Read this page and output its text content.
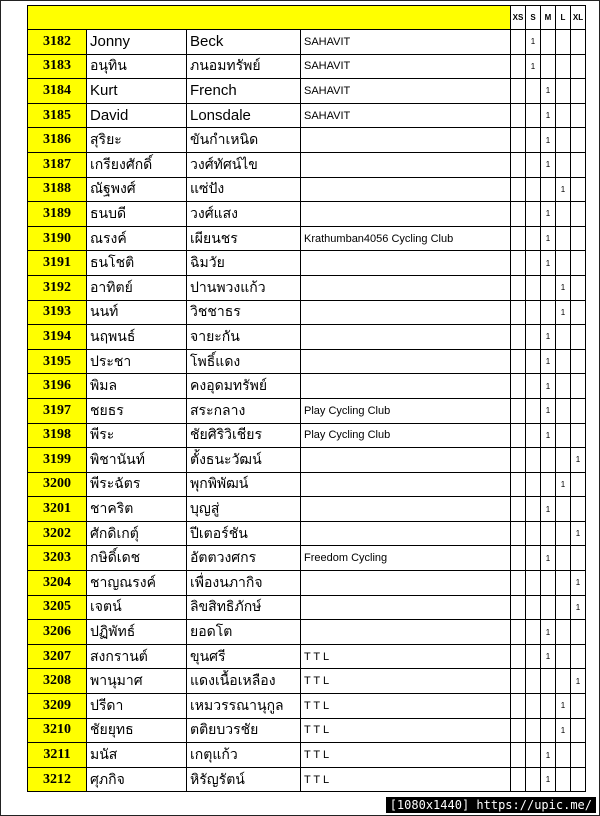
				XS	S	M	L	XL
3182	Jonny	Beck	SAHAVIT		1			
3183	อนุทิน	ภนอมทรัพย์	SAHAVIT		1			
3184	Kurt	French	SAHAVIT			1		
3185	David	Lonsdale	SAHAVIT			1		
3186	สุริยะ	ขันกำเหนิด				1		
3187	เกรียงศักดิ์	วงศ์ทัศน์ไข				1		
3188	ณัฐพงศ์	แซ่ปัง					1	
3189	ธนบดี	วงศ์แสง				1		
3190	ณรงค์	เผียนชร	Krathumban4056 Cycling Club			1		
3191	ธนโชติ	ฉิมวัย				1		
3192	อาทิตย์	ปานพวงแก้ว					1	
3193	นนท์	วิชชาธร					1	
3194	นฤพนธ์	จายะกัน				1		
3195	ประชา	โพธิ์แดง				1		
3196	พิมล	คงอุดมทรัพย์				1		
3197	ชยธร	สระกลาง	Play Cycling Club			1		
3198	พีระ	ชัยศิริวิเชียร	Play Cycling Club			1		
3199	พิชานันท์	ตั้งธนะวัฒน์						1
3200	พีระฉัตร	พุกพิพัฒน์					1	
3201	ชาคริต	บุญสู่				1		
3202	ศักดิเกตุ์	ปีเตอร์ชัน						1
3203	กษิดิ์เดช	อัตตวงศกร	Freedom Cycling			1		
3204	ชาญณรงค์	เพื่องนภากิจ						1
3205	เจตน์	ลิขสิทธิภักษ์						1
3206	ปฏิพัทธ์	ยอดโต				1		
3207	สงกรานต์	ขุนศรี	T T L			1		
3208	พานุมาศ	แดงเนื้อเหลือง	T T L					1
3209	ปรีดา	เหมวรรณานุกูล	T T L				1	
3210	ชัยยุทธ	ตติยบวรชัย	T T L				1	
3211	มนัส	เกตุแก้ว	T T L			1		
3212	ศุภกิจ	หิรัญรัตน์	T T L			1		
[1080x1440] https://upic.me/
